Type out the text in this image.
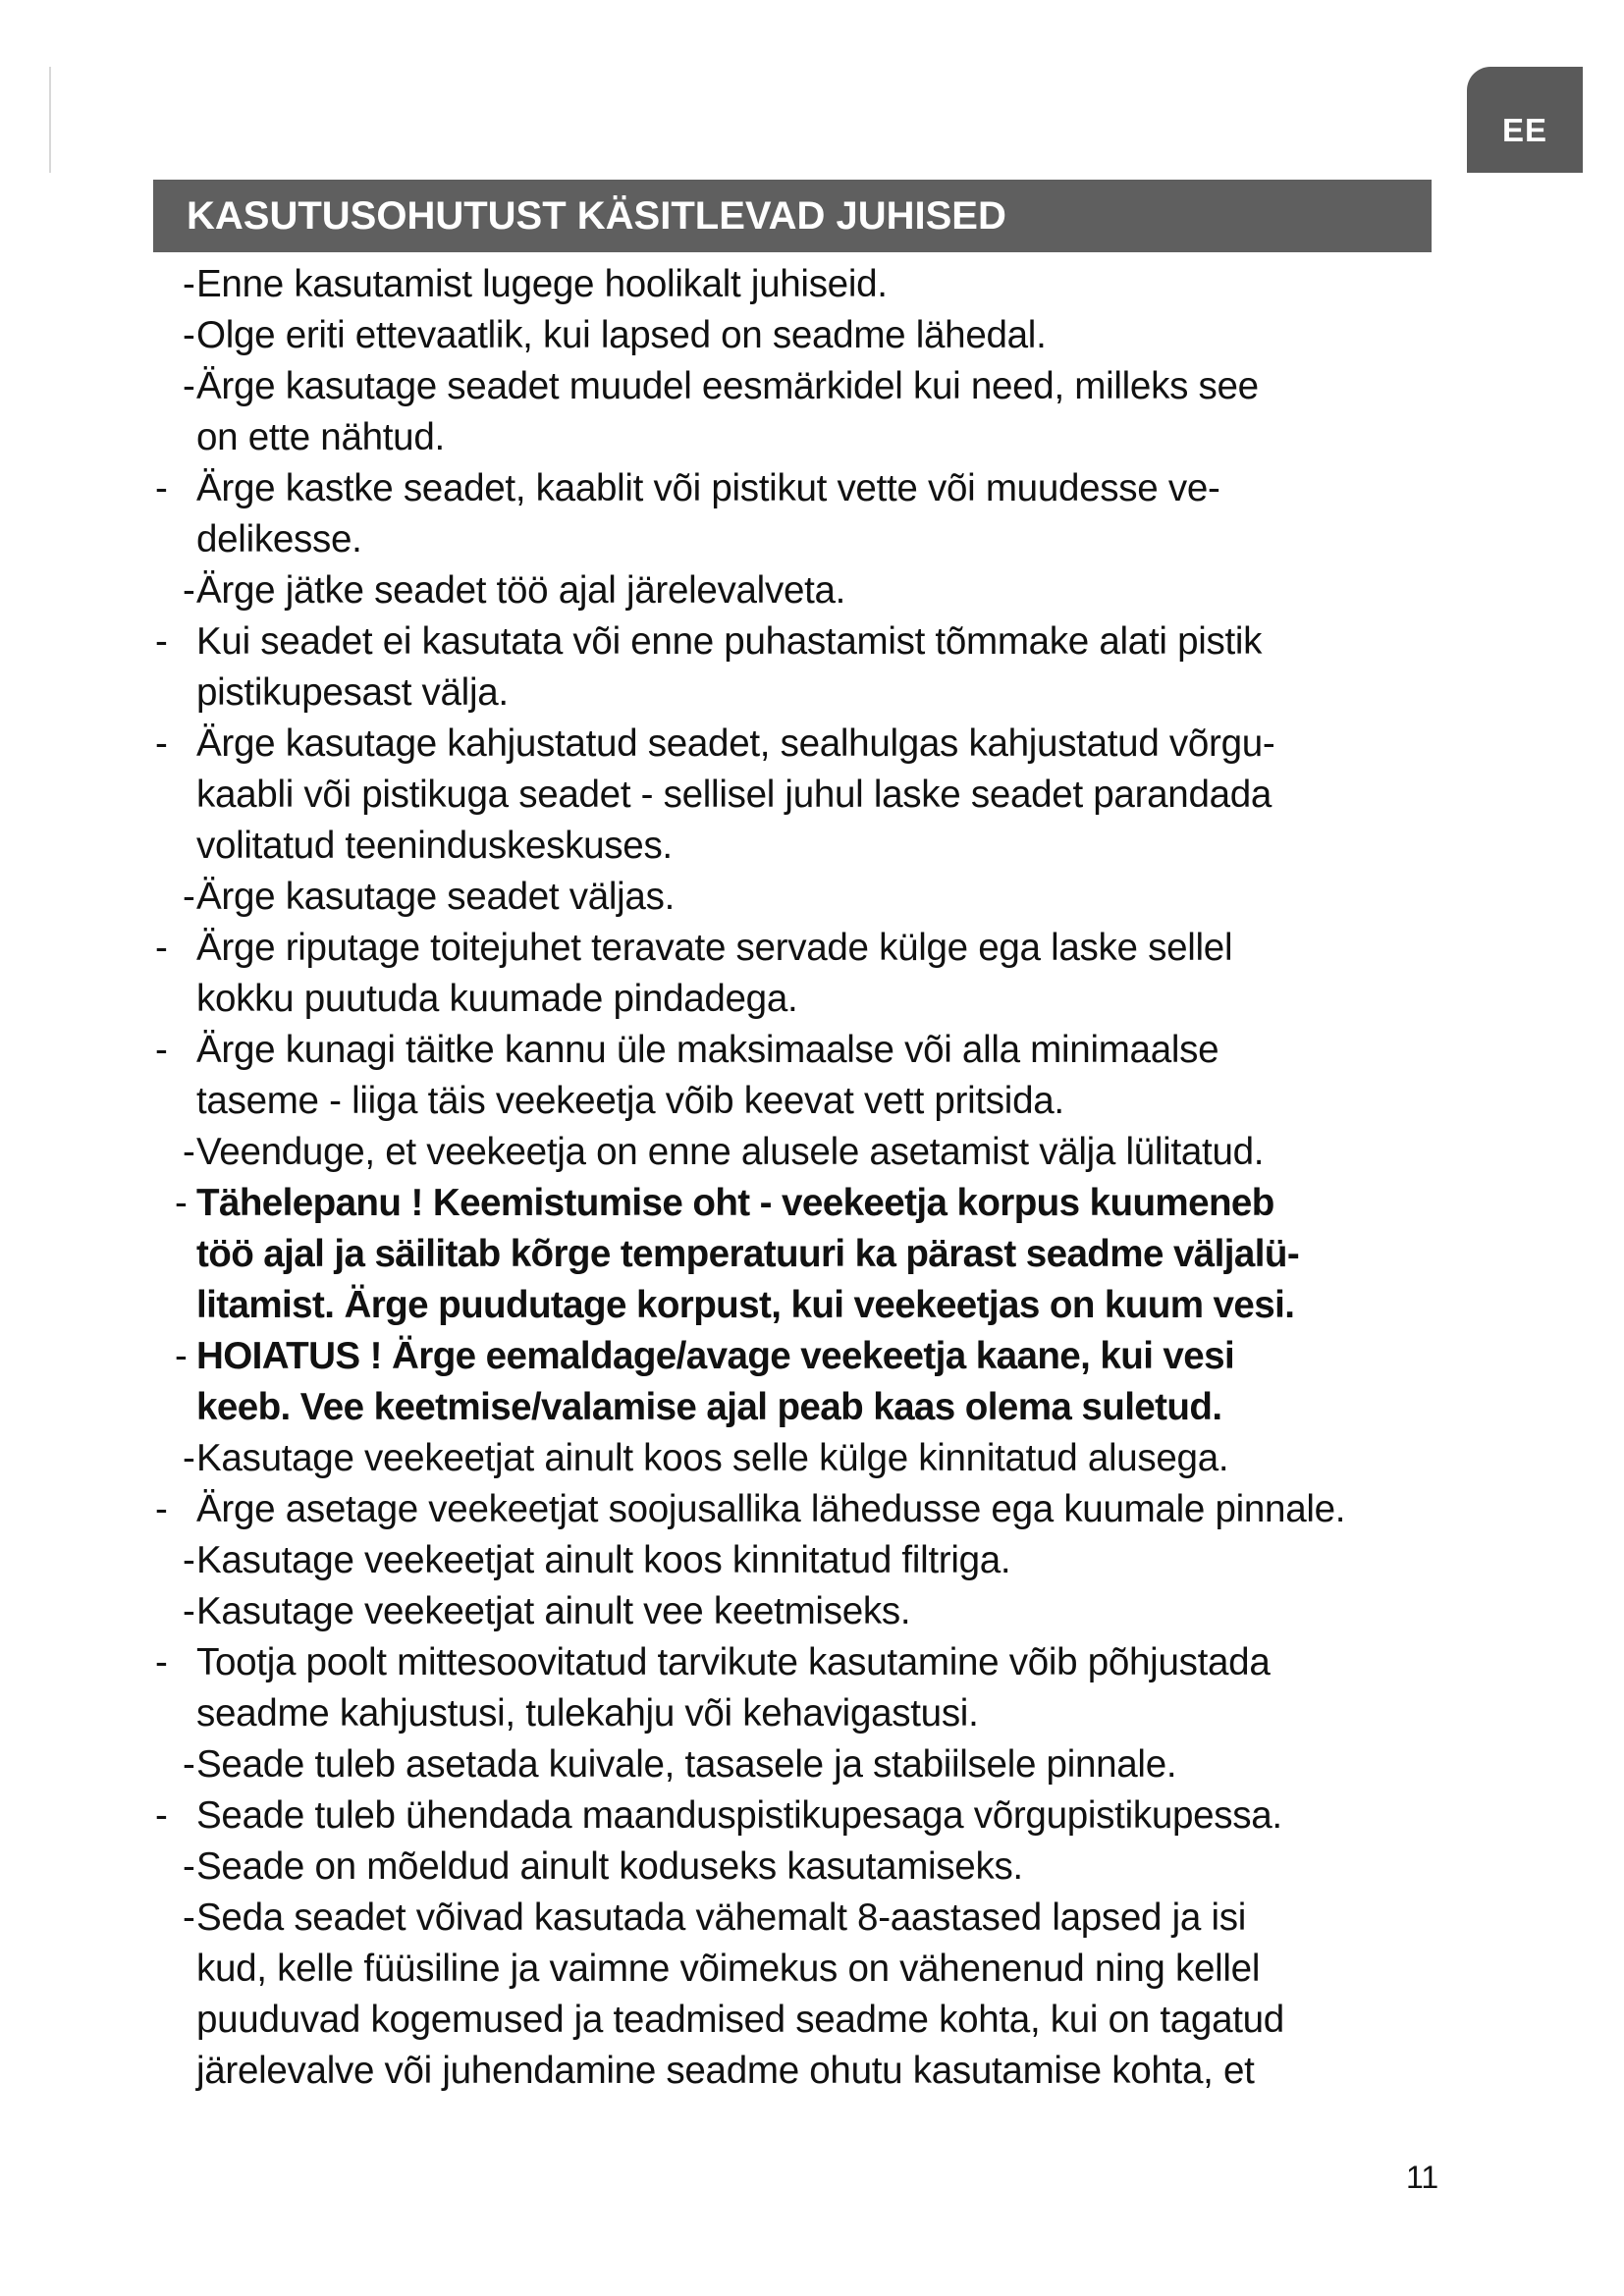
EE
KASUTUSOHUTUST KÄSITLEVAD JUHISED
- Enne kasutamist lugege hoolikalt juhiseid.
- Olge eriti ettevaatlik, kui lapsed on seadme lähedal.
- Ärge kasutage seadet muudel eesmärkidel kui need, milleks see
on ette nähtud.
- Ärge kastke seadet, kaablit või pistikut vette või muudesse ve-
delikesse.
- Ärge jätke seadet töö ajal järelevalveta.
- Kui seadet ei kasutata või enne puhastamist tõmmake alati pistik
pistikupesast välja.
- Ärge kasutage kahjustatud seadet, sealhulgas kahjustatud võrgu-
kaabli või pistikuga seadet - sellisel juhul laske seadet parandada
volitatud teeninduskeskuses.
- Ärge kasutage seadet väljas.
- Ärge riputage toitejuhet teravate servade külge ega laske sellel
kokku puutuda kuumade pindadega.
- Ärge kunagi täitke kannu üle maksimaalse või alla minimaalse
taseme - liiga täis veekeetja võib keevat vett pritsida.
- Veenduge, et veekeetja on enne alusele asetamist välja lülitatud.
- Tähelepanu ! Keemistumise oht - veekeetja korpus kuumeneb
töö ajal ja säilitab kõrge temperatuuri ka pärast seadme väljalü-
litamist. Ärge puudutage korpust, kui veekeetjas on kuum vesi.
- HOIATUS ! Ärge eemaldage/avage veekeetja kaane, kui vesi
keeb. Vee keetmise/valamise ajal peab kaas olema suletud.
- Kasutage veekeetjat ainult koos selle külge kinnitatud alusega.
- Ärge asetage veekeetjat soojusallika lähedusse ega kuumale pinnale.
- Kasutage veekeetjat ainult koos kinnitatud filtriga.
- Kasutage veekeetjat ainult vee keetmiseks.
- Tootja poolt mittesoovitatud tarvikute kasutamine võib põhjustada
seadme kahjustusi, tulekahju või kehavigastusi.
- Seade tuleb asetada kuivale, tasasele ja stabiilsele pinnale.
- Seade tuleb ühendada maanduspistikupesaga võrgupistikupessa.
- Seade on mõeldud ainult koduseks kasutamiseks.
- Seda seadet võivad kasutada vähemalt 8-aastased lapsed ja isi
kud, kelle füüsiline ja vaimne võimekus on vähenenud ning kellel
puuduvad kogemused ja teadmised seadme kohta, kui on tagatud
järelevalve või juhendamine seadme ohutu kasutamise kohta, et
11
